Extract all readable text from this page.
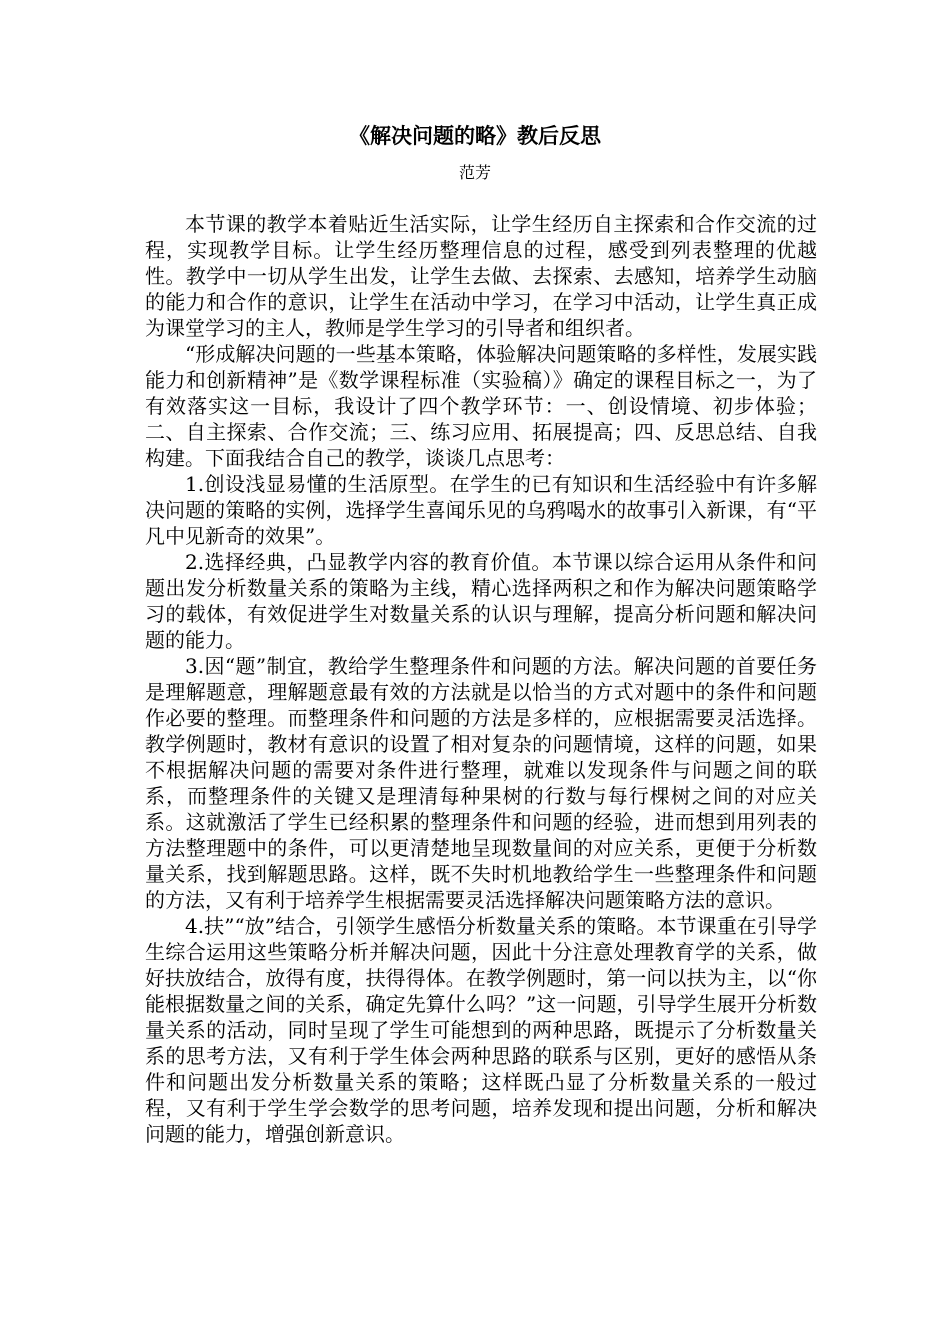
《解决问题的略》教后反思
范芳

本节课的教学本着贴近生活实际，让学生经历自主探索和合作交流的过程，实现教学目标。让学生经历整理信息的过程，感受到列表整理的优越性。教学中一切从学生出发，让学生去做、去探索、去感知，培养学生动脑的能力和合作的意识，让学生在活动中学习，在学习中活动，让学生真正成为课堂学习的主人，教师是学生学习的引导者和组织者。

“形成解决问题的一些基本策略，体验解决问题策略的多样性，发展实践能力和创新精神”是《数学课程标准（实验稿）》确定的课程目标之一，为了有效落实这一目标，我设计了四个教学环节：一、创设情境、初步体验；二、自主探索、合作交流；三、练习应用、拓展提高；四、反思总结、自我构建。下面我结合自己的教学，谈谈几点思考：

1.创设浅显易懂的生活原型。在学生的已有知识和生活经验中有许多解决问题的策略的实例，选择学生喜闻乐见的乌鸦喝水的故事引入新课，有“平凡中见新奇的效果”。

2.选择经典，凸显教学内容的教育价值。本节课以综合运用从条件和问题出发分析数量关系的策略为主线，精心选择两积之和作为解决问题策略学习的载体，有效促进学生对数量关系的认识与理解，提高分析问题和解决问题的能力。

3.因“题”制宜，教给学生整理条件和问题的方法。解决问题的首要任务是理解题意，理解题意最有效的方法就是以恰当的方式对题中的条件和问题作必要的整理。而整理条件和问题的方法是多样的，应根据需要灵活选择。教学例题时，教材有意识的设置了相对复杂的问题情境，这样的问题，如果不根据解决问题的需要对条件进行整理，就难以发现条件与问题之间的联系，而整理条件的关键又是理清每种果树的行数与每行棵树之间的对应关系。这就激活了学生已经积累的整理条件和问题的经验，进而想到用列表的方法整理题中的条件，可以更清楚地呈现数量间的对应关系，更便于分析数量关系，找到解题思路。这样，既不失时机地教给学生一些整理条件和问题的方法，又有利于培养学生根据需要灵活选择解决问题策略方法的意识。

4.扶”“放”结合，引领学生感悟分析数量关系的策略。本节课重在引导学生综合运用这些策略分析并解决问题，因此十分注意处理教育学的关系，做好扶放结合，放得有度，扶得得体。在教学例题时，第一问以扶为主，以“你能根据数量之间的关系，确定先算什么吗？”这一问题，引导学生展开分析数量关系的活动，同时呈现了学生可能想到的两种思路，既提示了分析数量关系的思考方法，又有利于学生体会两种思路的联系与区别，更好的感悟从条件和问题出发分析数量关系的策略；这样既凸显了分析数量关系的一般过程，又有利于学生学会数学的思考问题，培养发现和提出问题，分析和解决问题的能力，增强创新意识。
